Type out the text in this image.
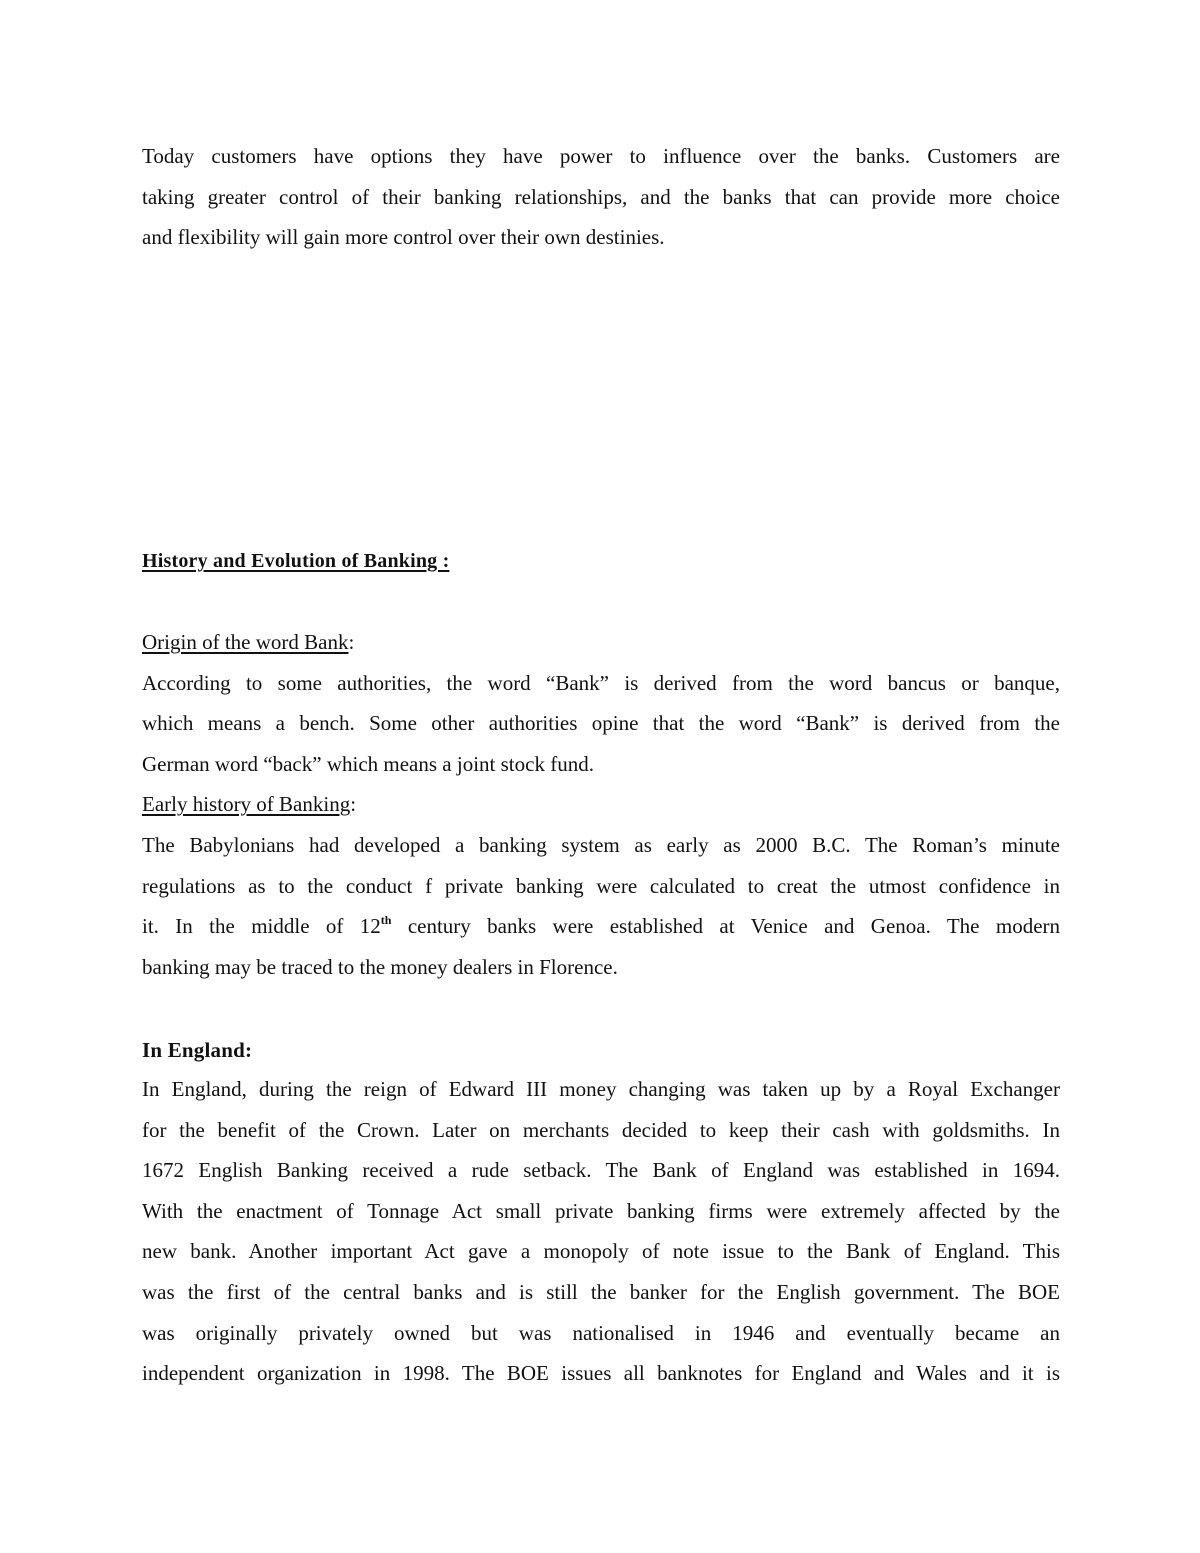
Today customers have options they have power to influence over the banks. Customers are
taking greater control of their banking relationships, and the banks that can provide more choice
and flexibility will gain more control over their own destinies.
History and Evolution of Banking :
Origin of the word Bank:
According to some authorities, the word “Bank” is derived from the word bancus or banque,
which means a bench. Some other authorities opine that the word “Bank” is derived from the
German word “back” which means a joint stock fund.
Early history of Banking:
The Babylonians had developed a banking system as early as 2000 B.C. The Roman’s minute
regulations as to the conduct f private banking were calculated to creat the utmost confidence in
it. In the middle of 12th century banks were established at Venice and Genoa. The modern
banking may be traced to the money dealers in Florence.
In England:
In England, during the reign of Edward III money changing was taken up by a Royal Exchanger
for the benefit of the Crown. Later on merchants decided to keep their cash with goldsmiths. In
1672 English Banking received a rude setback. The Bank of England was established in 1694.
With the enactment of Tonnage Act small private banking firms were extremely affected by the
new bank. Another important Act gave a monopoly of note issue to the Bank of England. This
was the first of the central banks and is still the banker for the English government. The BOE
was originally privately owned but was nationalised in 1946 and eventually became an
independent organization in 1998. The BOE issues all banknotes for England and Wales and it is
